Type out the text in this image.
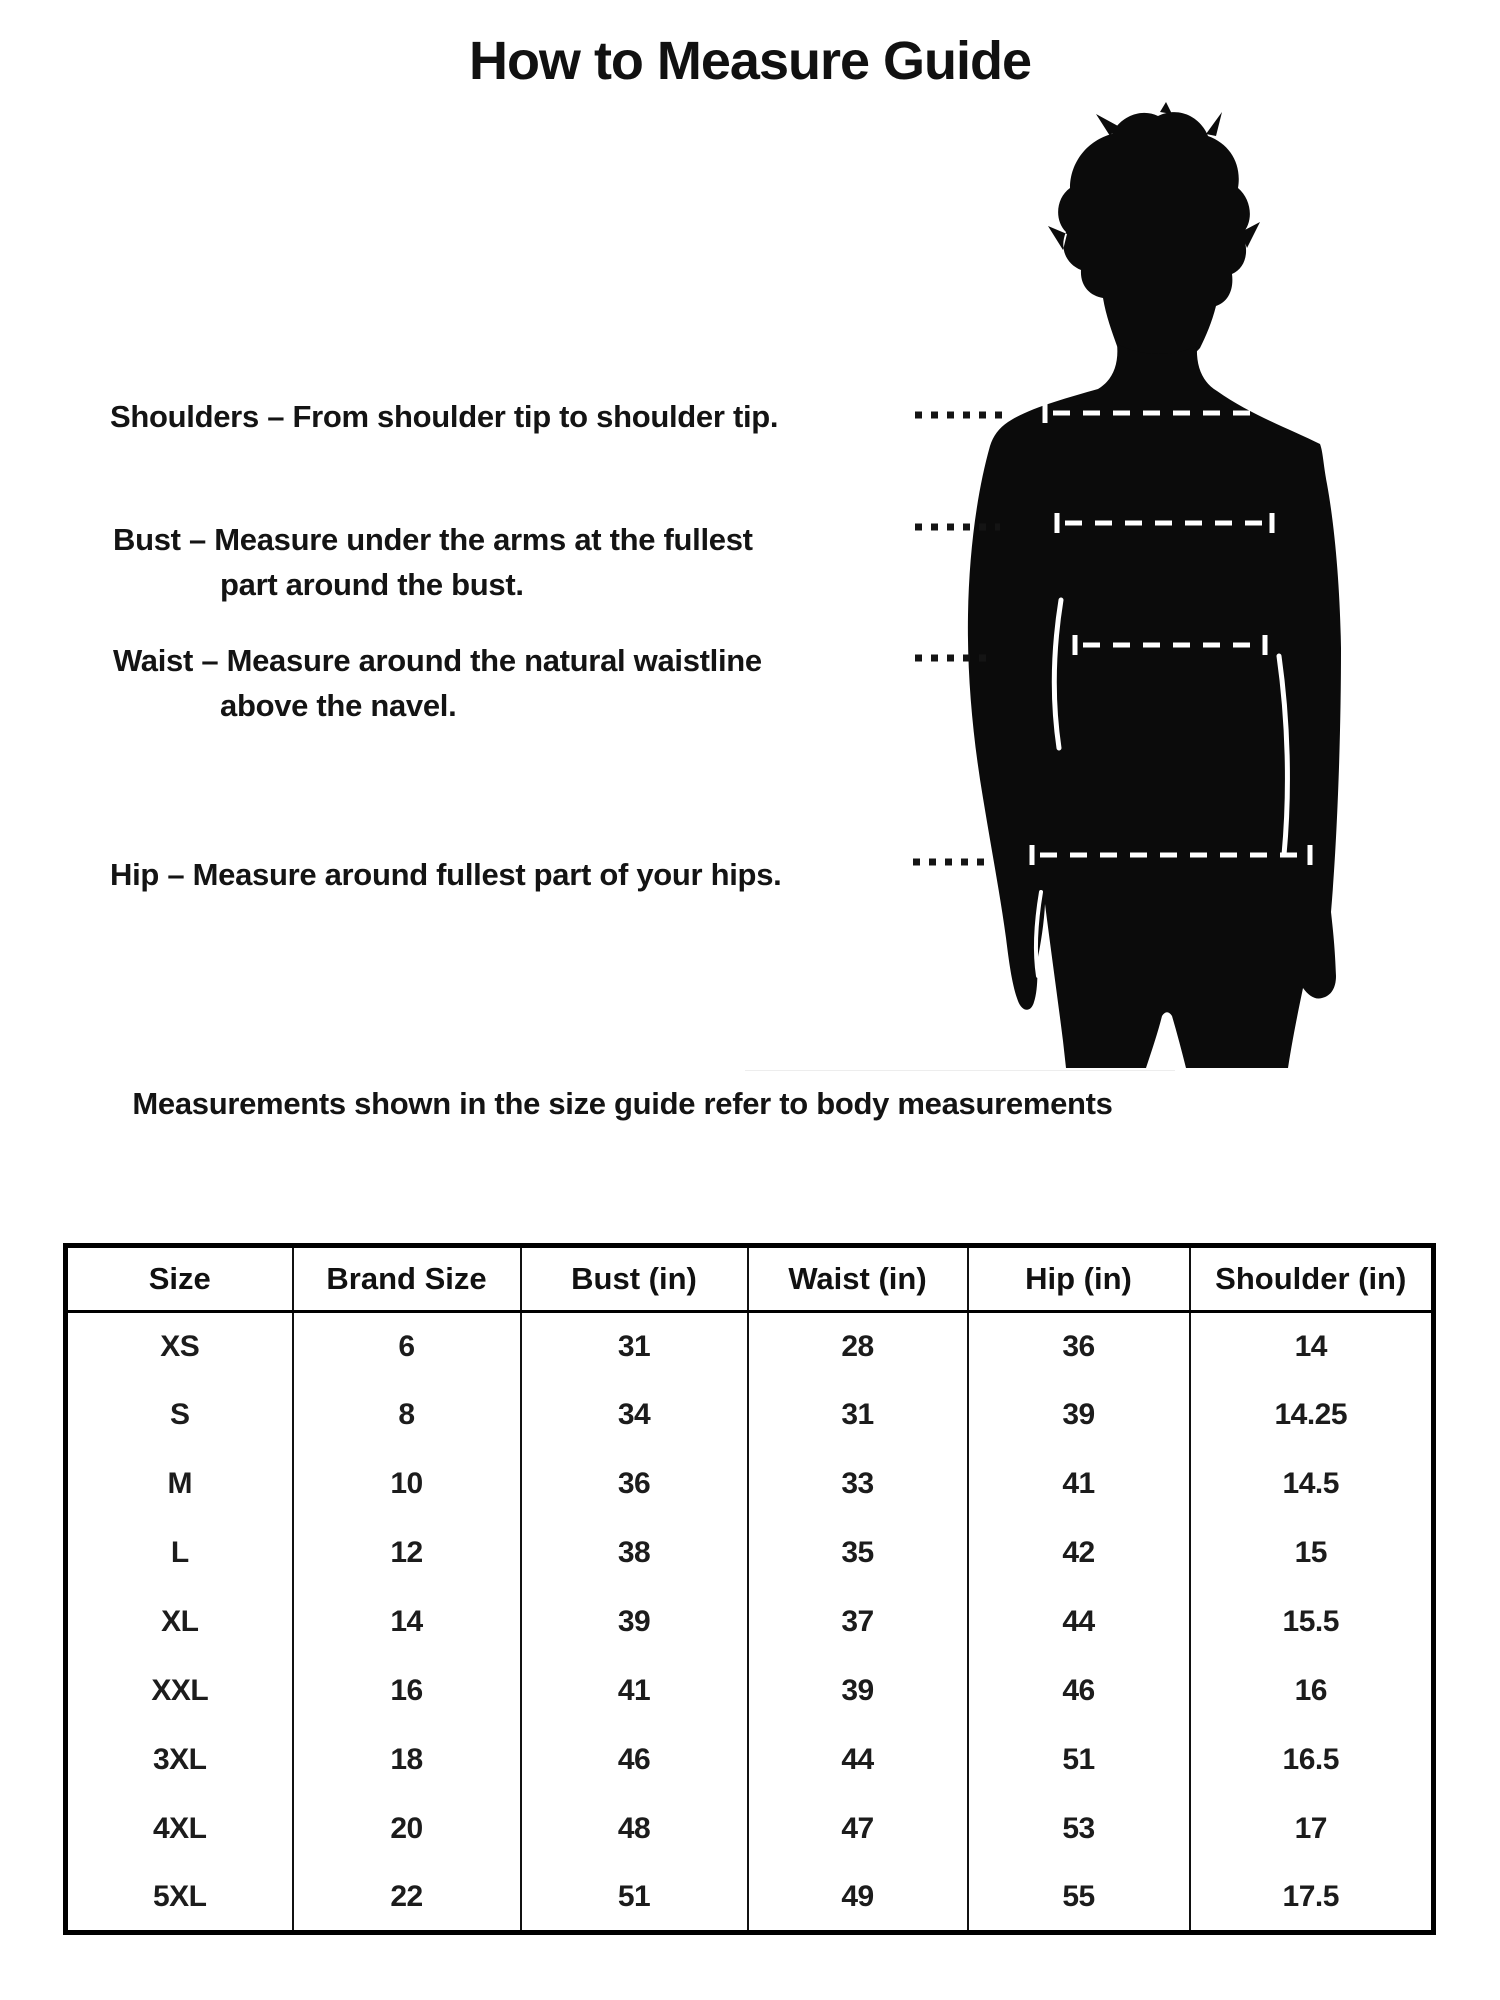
How to Measure Guide
Shoulders – From shoulder tip to shoulder tip.
Bust – Measure under the arms at the fullest
part around the bust.
Waist – Measure around the natural waistline
above the navel.
Hip – Measure around fullest part of your hips.
Measurements shown in the size guide refer to body measurements
Size	Brand Size	Bust (in)	Waist (in)	Hip (in)	Shoulder (in)
XS	6	31	28	36	14
S	8	34	31	39	14.25
M	10	36	33	41	14.5
L	12	38	35	42	15
XL	14	39	37	44	15.5
XXL	16	41	39	46	16
3XL	18	46	44	51	16.5
4XL	20	48	47	53	17
5XL	22	51	49	55	17.5
